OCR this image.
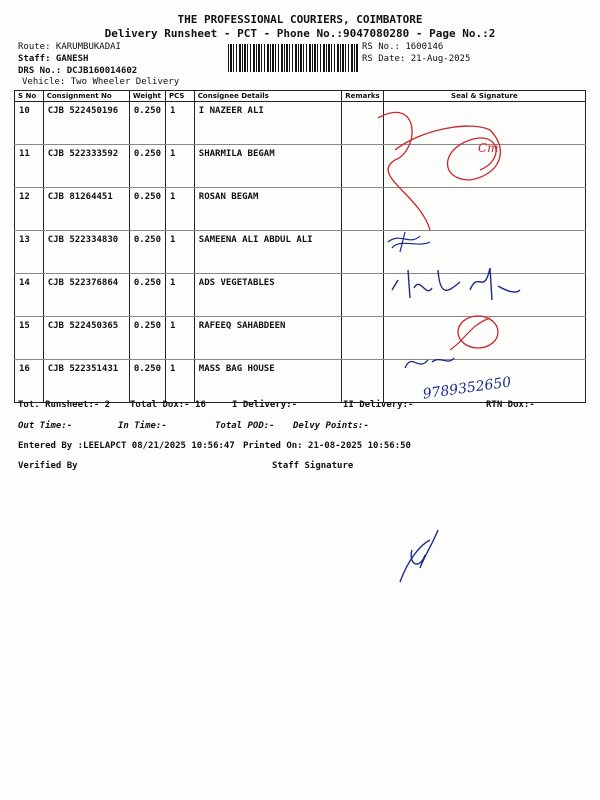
THE PROFESSIONAL COURIERS, COIMBATORE
Delivery Runsheet - PCT - Phone No.:9047080280 - Page No.:2
Route: KARUMBUKADAI
Staff: GANESH
DRS No.: DCJB160014602
Vehicle: Two Wheeler Delivery
RS No.: 1600146
RS Date: 21-Aug-2025
S No	Consignment No	Weight	PCS	Consignee Details	Remarks	Seal & Signature
10	CJB 522450196	0.250	1	I NAZEER ALI		
11	CJB 522333592	0.250	1	SHARMILA BEGAM		
12	CJB 81264451	0.250	1	ROSAN BEGAM		
13	CJB 522334830	0.250	1	SAMEENA ALI ABDUL ALI		
14	CJB 522376864	0.250	1	ADS VEGETABLES		
15	CJB 522450365	0.250	1	RAFEEQ SAHABDEEN		
16	CJB 522351431	0.250	1	MASS BAG HOUSE		
Cm
9789352650
Tot. Runsheet:- 2 Total Dox:- 16	I Delivery:-	II Delivery:-	RTN Dox:-
Out Time:-	In Time:-	Total POD:- Delvy Points:-
Entered By :LEELAPCT 08/21/2025 10:56:47 Printed On: 21-08-2025 10:56:50
Verified By	Staff Signature
